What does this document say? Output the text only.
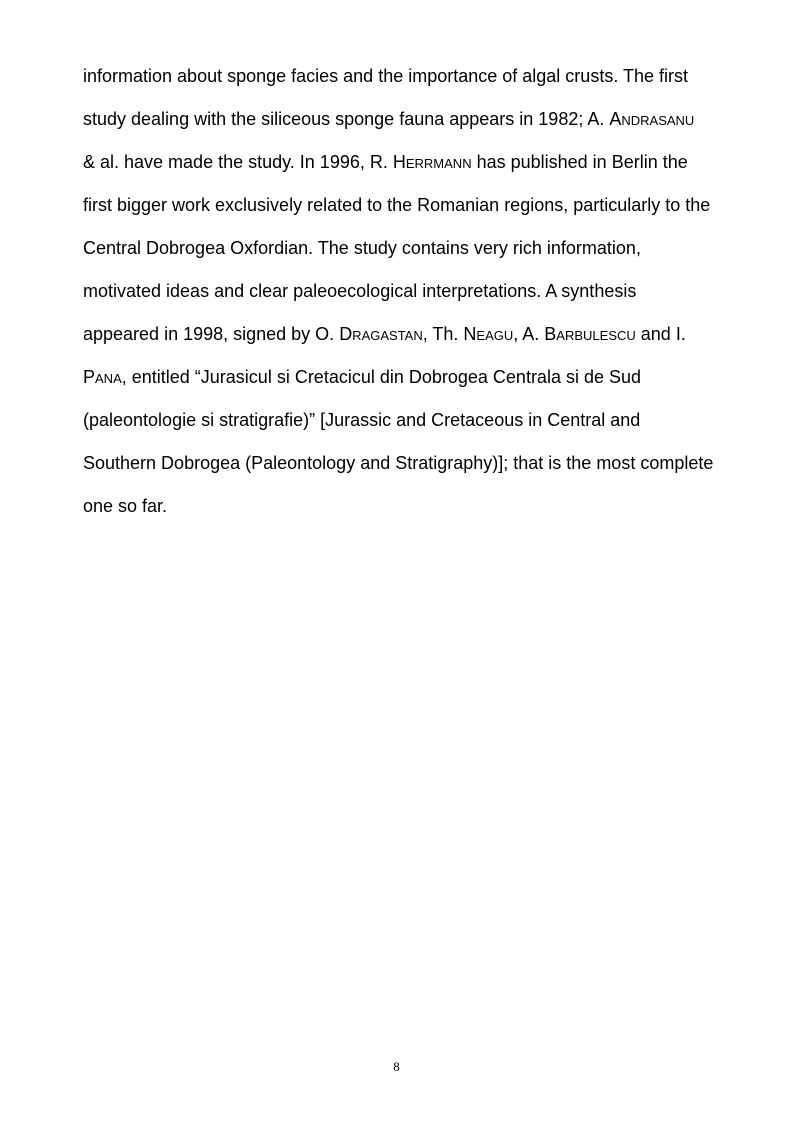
information about sponge facies and the importance of algal crusts. The first
study dealing with the siliceous sponge fauna appears in 1982; A. Andrasanu
& al. have made the study. In 1996, R. Herrmann has published in Berlin the
first bigger work exclusively related to the Romanian regions, particularly to the
Central Dobrogea Oxfordian. The study contains very rich information,
motivated ideas and clear paleoecological interpretations. A synthesis
appeared in 1998, signed by O. Dragastan, Th. Neagu, A. Barbulescu and I.
Pana, entitled “Jurasicul si Cretacicul din Dobrogea Centrala si de Sud
(paleontologie si stratigrafie)” [Jurassic and Cretaceous in Central and
Southern Dobrogea (Paleontology and Stratigraphy)]; that is the most complete
one so far.
8
